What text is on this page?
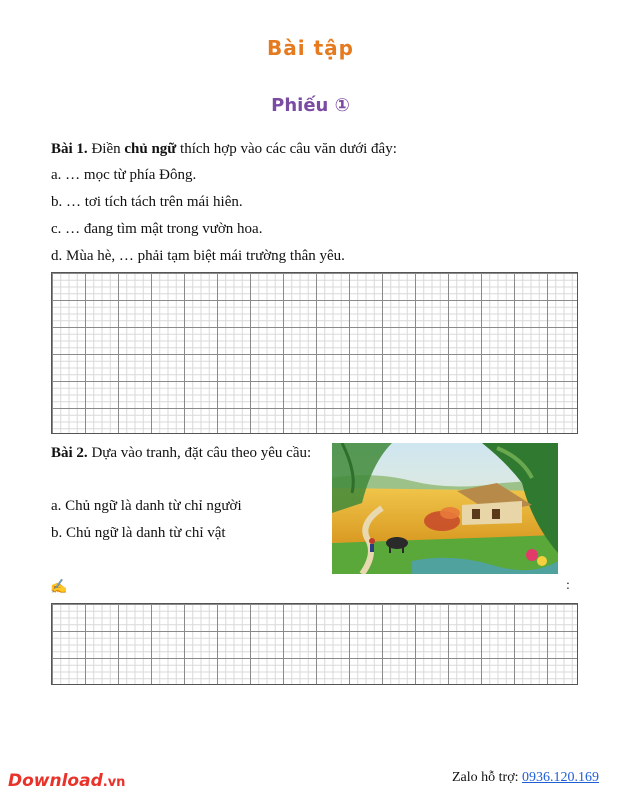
Bài tập
Phiếu ①
Bài 1. Điền chủ ngữ thích hợp vào các câu văn dưới đây:
a. … mọc từ phía Đông.
b. … tơi tích tách trên mái hiên.
c. … đang tìm mật trong vườn hoa.
d. Mùa hè, … phải tạm biệt mái trường thân yêu.
Bài 2. Dựa vào tranh, đặt câu theo yêu cầu:
a. Chủ ngữ là danh từ chỉ người
b. Chủ ngữ là danh từ chỉ vật
✍	:
Download.vn	Zalo hỗ trợ: 0936.120.169
